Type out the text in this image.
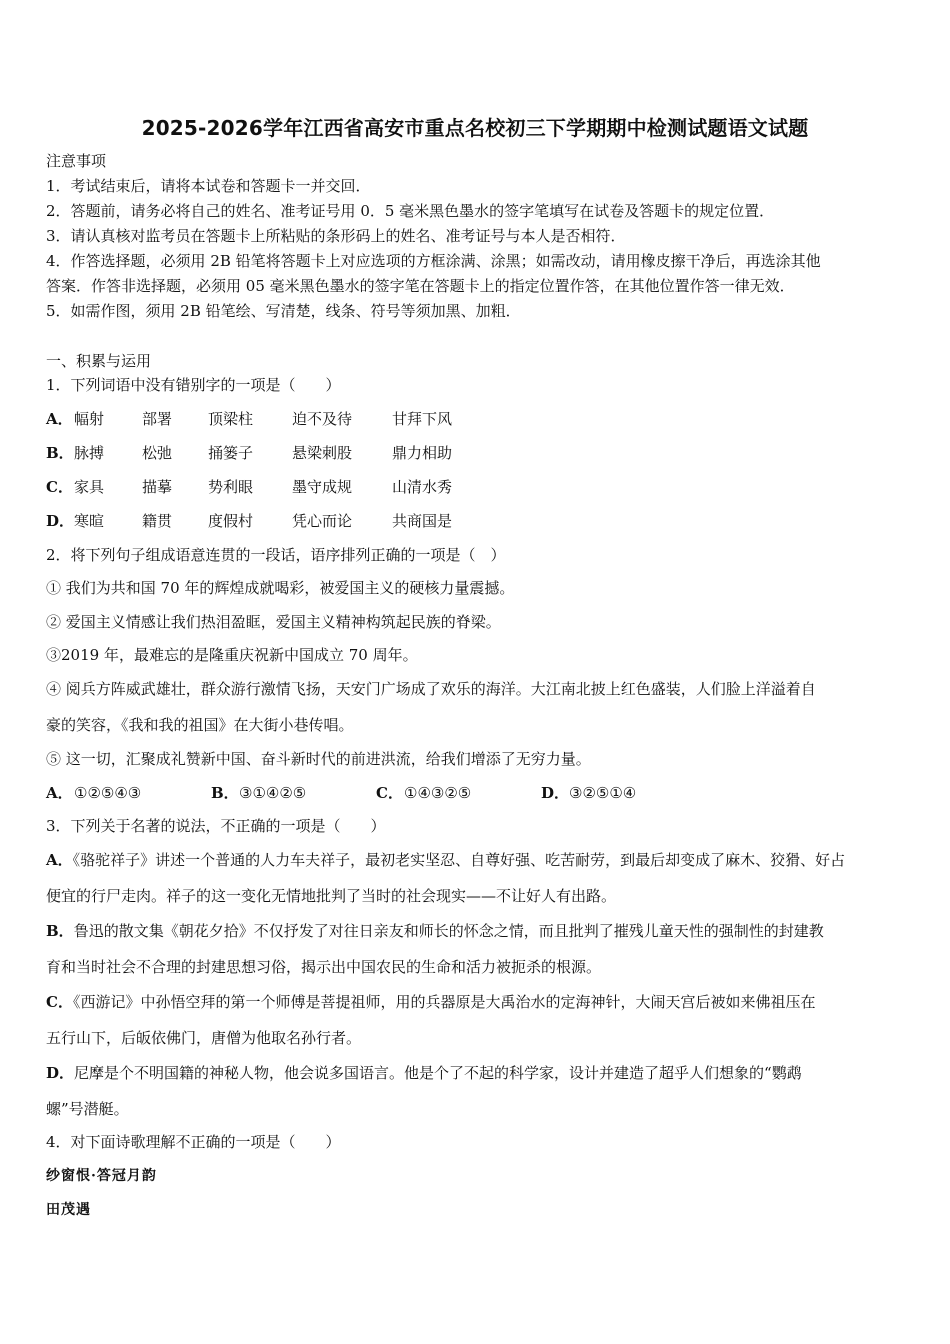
2025-2026学年江西省高安市重点名校初三下学期期中检测试题语文试题
注意事项
1．考试结束后，请将本试卷和答题卡一并交回．
2．答题前，请务必将自己的姓名、准考证号用 0．5 毫米黑色墨水的签字笔填写在试卷及答题卡的规定位置．
3．请认真核对监考员在答题卡上所粘贴的条形码上的姓名、准考证号与本人是否相符．
4．作答选择题，必须用 2B 铅笔将答题卡上对应选项的方框涂满、涂黑；如需改动，请用橡皮擦干净后，再选涂其他
答案．作答非选择题，必须用 05 毫米黑色墨水的签字笔在答题卡上的指定位置作答，在其他位置作答一律无效．
5．如需作图，须用 2B 铅笔绘、写清楚，线条、符号等须加黑、加粗．
一、积累与运用
1．下列词语中没有错别字的一项是（　　）
A． 幅射	部署 顶梁柱	迫不及待	甘拜下风
B． 脉搏	松弛 捅篓子	悬梁刺股	鼎力相助
C． 家具	描摹 势利眼	墨守成规	山清水秀
D． 寒暄	籍贯 度假村	凭心而论	共商国是
2．将下列句子组成语意连贯的一段话，语序排列正确的一项是（　）
① 我们为共和国 70 年的辉煌成就喝彩，被爱国主义的硬核力量震撼。
② 爱国主义情感让我们热泪盈眶，爱国主义精神构筑起民族的脊梁。
③2019 年，最难忘的是隆重庆祝新中国成立 70 周年。
④ 阅兵方阵威武雄壮，群众游行激情飞扬，天安门广场成了欢乐的海洋。大江南北披上红色盛装，人们脸上洋溢着自
豪的笑容，《我和我的祖国》在大街小巷传唱。
⑤ 这一切，汇聚成礼赞新中国、奋斗新时代的前进洪流，给我们增添了无穷力量。
A． ①②⑤④③	B． ③①④②⑤	C． ①④③②⑤	D． ③②⑤①④
3．下列关于名著的说法，不正确的一项是（　　）
A．《骆驼祥子》讲述一个普通的人力车夫祥子，最初老实坚忍、自尊好强、吃苦耐劳，到最后却变成了麻木、狡猾、好占
便宜的行尸走肉。祥子的这一变化无情地批判了当时的社会现实——不让好人有出路。
B．鲁迅的散文集《朝花夕拾》不仅抒发了对往日亲友和师长的怀念之情，而且批判了摧残儿童天性的强制性的封建教
育和当时社会不合理的封建思想习俗，揭示出中国农民的生命和活力被扼杀的根源。
C．《西游记》中孙悟空拜的第一个师傅是菩提祖师，用的兵器原是大禹治水的定海神针，大闹天宫后被如来佛祖压在
五行山下，后皈依佛门，唐僧为他取名孙行者。
D．尼摩是个不明国籍的神秘人物，他会说多国语言。他是个了不起的科学家，设计并建造了超乎人们想象的“鹦鹉
螺”号潜艇。
4．对下面诗歌理解不正确的一项是（　　）
纱窗恨·答冠月韵
田茂遇
